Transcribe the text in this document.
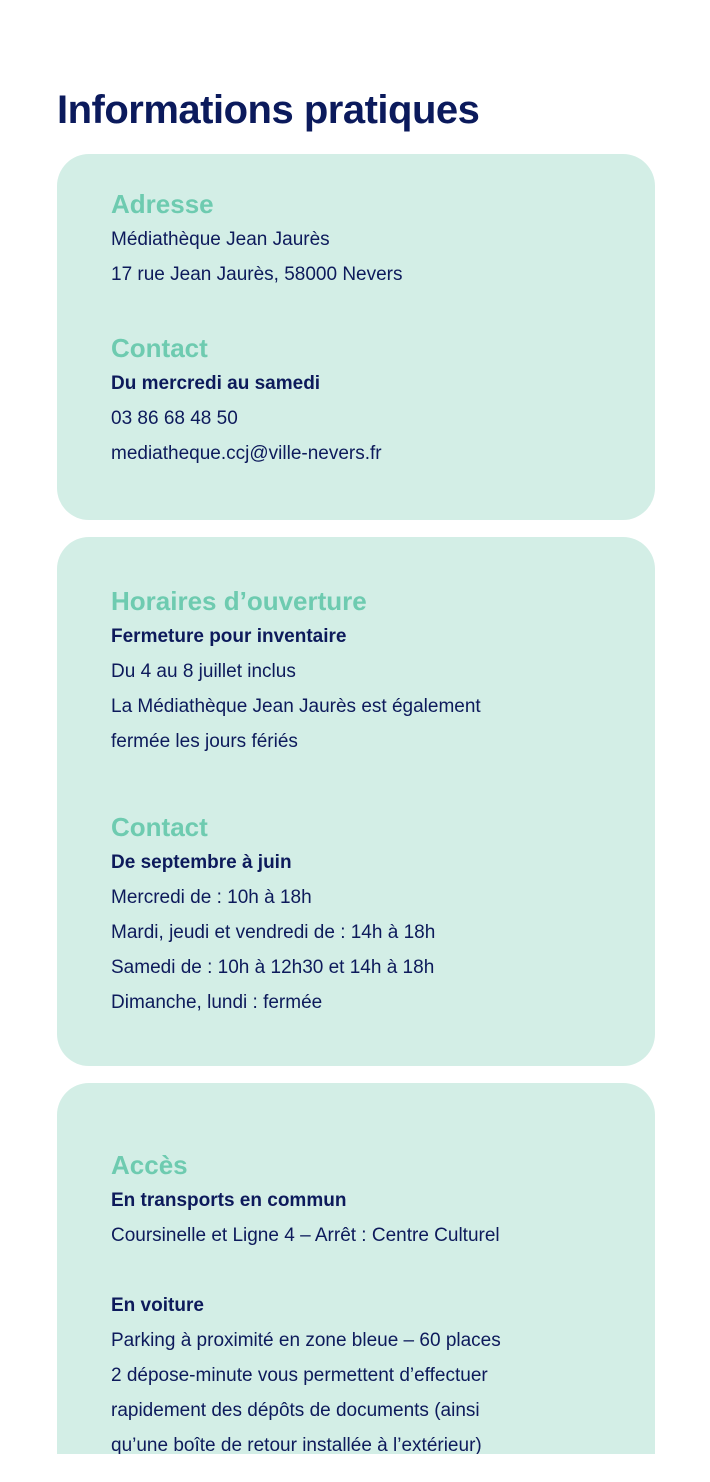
Informations pratiques
Adresse

Médiathèque Jean Jaurès

17 rue Jean Jaurès, 58000 Nevers

Contact

Du mercredi au samedi

03 86 68 48 50

mediatheque.ccj@ville-nevers.fr

Horaires d’ouverture

Fermeture pour inventaire

Du 4 au 8 juillet inclus

La Médiathèque Jean Jaurès est également

fermée les jours fériés

Contact

De septembre à juin

Mercredi de : 10h à 18h

Mardi, jeudi et vendredi de : 14h à 18h

Samedi de : 10h à 12h30 et 14h à 18h

Dimanche, lundi : fermée

Accès

En transports en commun

Coursinelle et Ligne 4 – Arrêt : Centre Culturel

En voiture

Parking à proximité en zone bleue – 60 places

2 dépose-minute vous permettent d’effectuer

rapidement des dépôts de documents (ainsi

qu’une boîte de retour installée à l’extérieur)
